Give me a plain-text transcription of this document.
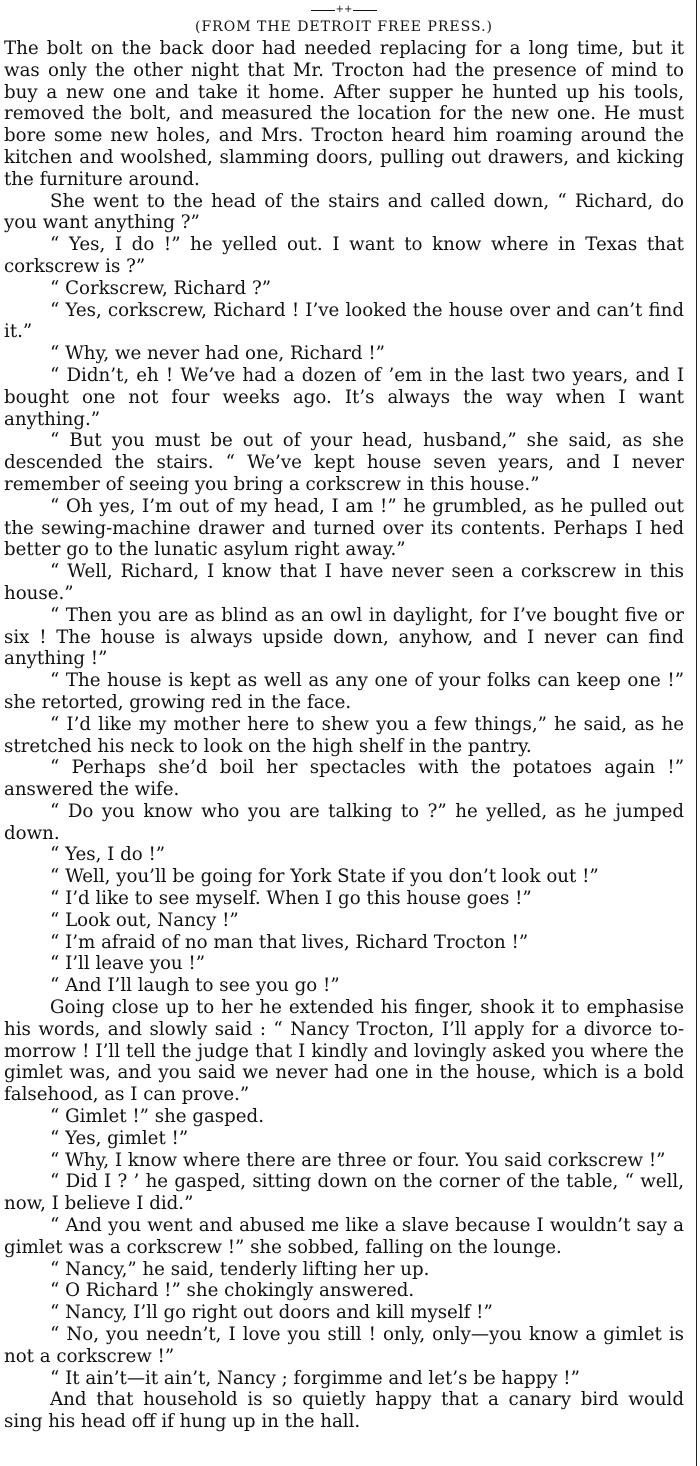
++
(FROM THE DETROIT FREE PRESS.)

The bolt on the back door had needed replacing for a long time, but it was only the other night that Mr. Trocton had the presence of mind to buy a new one and take it home. After supper he hunted up his tools, removed the bolt, and measured the location for the new one. He must bore some new holes, and Mrs. Trocton heard him roaming around the kitchen and woolshed, slamming doors, pulling out drawers, and kicking the furniture around.

She went to the head of the stairs and called down, “ Richard, do you want anything ?”

“ Yes, I do !” he yelled out. I want to know where in Texas that corkscrew is ?”

“ Corkscrew, Richard ?”

“ Yes, corkscrew, Richard ! I’ve looked the house over and can’t find it.”

“ Why, we never had one, Richard !”

“ Didn’t, eh ! We’ve had a dozen of ’em in the last two years, and I bought one not four weeks ago. It’s always the way when I want anything.”

“ But you must be out of your head, husband,” she said, as she descended the stairs. “ We’ve kept house seven years, and I never remember of seeing you bring a corkscrew in this house.”

“ Oh yes, I’m out of my head, I am !” he grumbled, as he pulled out the sewing-machine drawer and turned over its contents. Perhaps I hed better go to the lunatic asylum right away.”

“ Well, Richard, I know that I have never seen a corkscrew in this house.”

“ Then you are as blind as an owl in daylight, for I’ve bought five or six ! The house is always upside down, anyhow, and I never can find anything !”

“ The house is kept as well as any one of your folks can keep one !” she retorted, growing red in the face.

“ I’d like my mother here to shew you a few things,” he said, as he stretched his neck to look on the high shelf in the pantry.

“ Perhaps she’d boil her spectacles with the potatoes again !” answered the wife.

“ Do you know who you are talking to ?” he yelled, as he jumped down.

“ Yes, I do !”

“ Well, you’ll be going for York State if you don’t look out !”

“ I’d like to see myself. When I go this house goes !”

“ Look out, Nancy !”

“ I’m afraid of no man that lives, Richard Trocton !”

“ I’ll leave you !”

“ And I’ll laugh to see you go !”

Going close up to her he extended his finger, shook it to emphasise his words, and slowly said : “ Nancy Trocton, I’ll apply for a divorce to-morrow ! I’ll tell the judge that I kindly and lovingly asked you where the gimlet was, and you said we never had one in the house, which is a bold falsehood, as I can prove.”

“ Gimlet !” she gasped.

“ Yes, gimlet !”

“ Why, I know where there are three or four. You said corkscrew !”

“ Did I ? ’ he gasped, sitting down on the corner of the table, “ well, now, I believe I did.”

“ And you went and abused me like a slave because I wouldn’t say a gimlet was a corkscrew !” she sobbed, falling on the lounge.

“ Nancy,” he said, tenderly lifting her up.

“ O Richard !” she chokingly answered.

“ Nancy, I’ll go right out doors and kill myself !”

“ No, you needn’t, I love you still ! only, only—you know a gimlet is not a corkscrew !”

“ It ain’t—it ain’t, Nancy ; forgimme and let’s be happy !”

And that household is so quietly happy that a canary bird would sing his head off if hung up in the hall.
